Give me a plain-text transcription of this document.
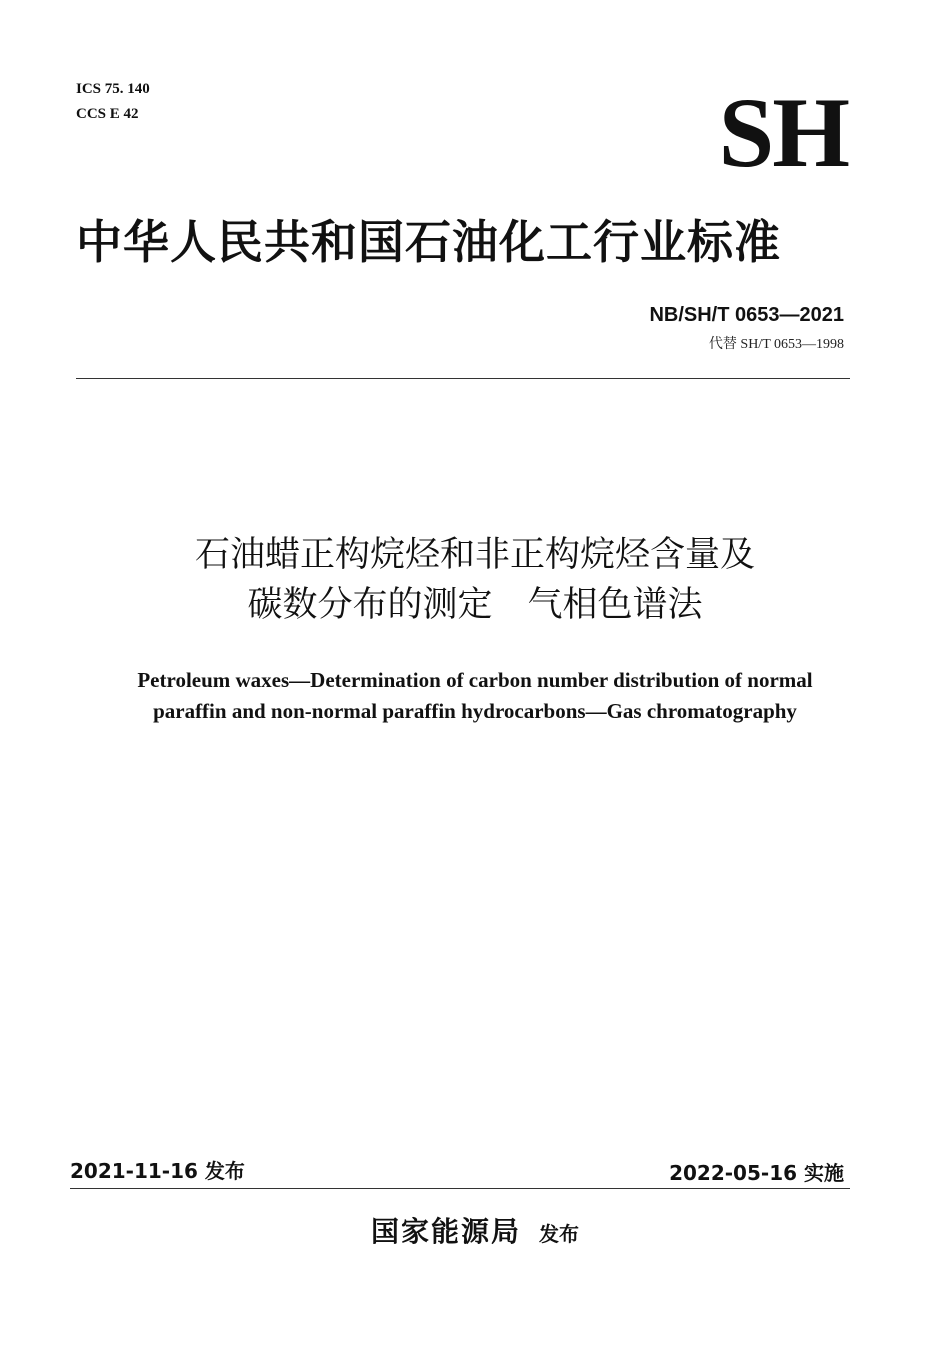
ICS 75. 140
CCS E 42	SH
中华人民共和国石油化工行业标准
NB/SH/T 0653—2021
代替 SH/T 0653—1998
石油蜡正构烷烃和非正构烷烃含量及
碳数分布的测定　气相色谱法
Petroleum waxes—Determination of carbon number distribution of normal
paraffin and non-normal paraffin hydrocarbons—Gas chromatography
2021-11-16 发布	2022-05-16 实施
国家能源局 发布
